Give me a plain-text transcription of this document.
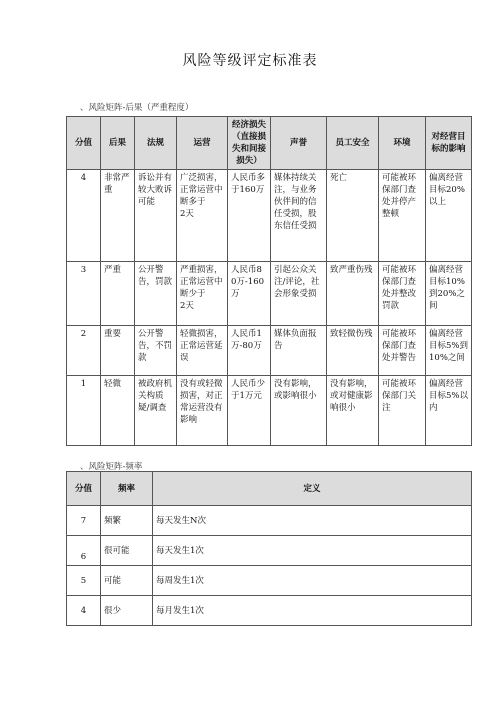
风险等级评定标准表
、风险矩阵-后果（严重程度）
分值	后果	法规	运营	经济损失 （直接损失和间接损失）	声誉	员工安全	环境	对经营目标的影响
4	非常严重	诉讼并有较大败诉可能	广泛损害，正常运营中断多于
2天	人民币多于160万	媒体持续关注，与业务伙伴间的信任受损，股东信任受损	死亡	可能被环保部门查处并停产整顿	偏离经营目标20%以上
3	严重	公开警告，罚款	严重损害，正常运营中断少于
2天	人民币80万-160万	引起公众关注/评论，社会形象受损	致严重伤残	可能被环保部门查处并整改罚款	偏离经营目标10%到20%之间
2	重要	公开警告，不罚款	轻微损害，正常运营延误	人民币1万-80万	媒体负面报告	致轻微伤残	可能被环保部门查处并警告	偏离经营目标5%到10%之间
1	轻微	被政府机关构质疑/调查	没有或轻微损害，对正常运营没有影响	人民币少于1万元	没有影响，或影响很小	没有影响，或对健康影响很小	可能被环保部门关注	偏离经营目标5%以内
、风险矩阵-频率
分值	频率	定义
7	频繁	每天发生N次
6	很可能	每天发生1次
5	可能	每周发生1次
4	很少	每月发生1次
